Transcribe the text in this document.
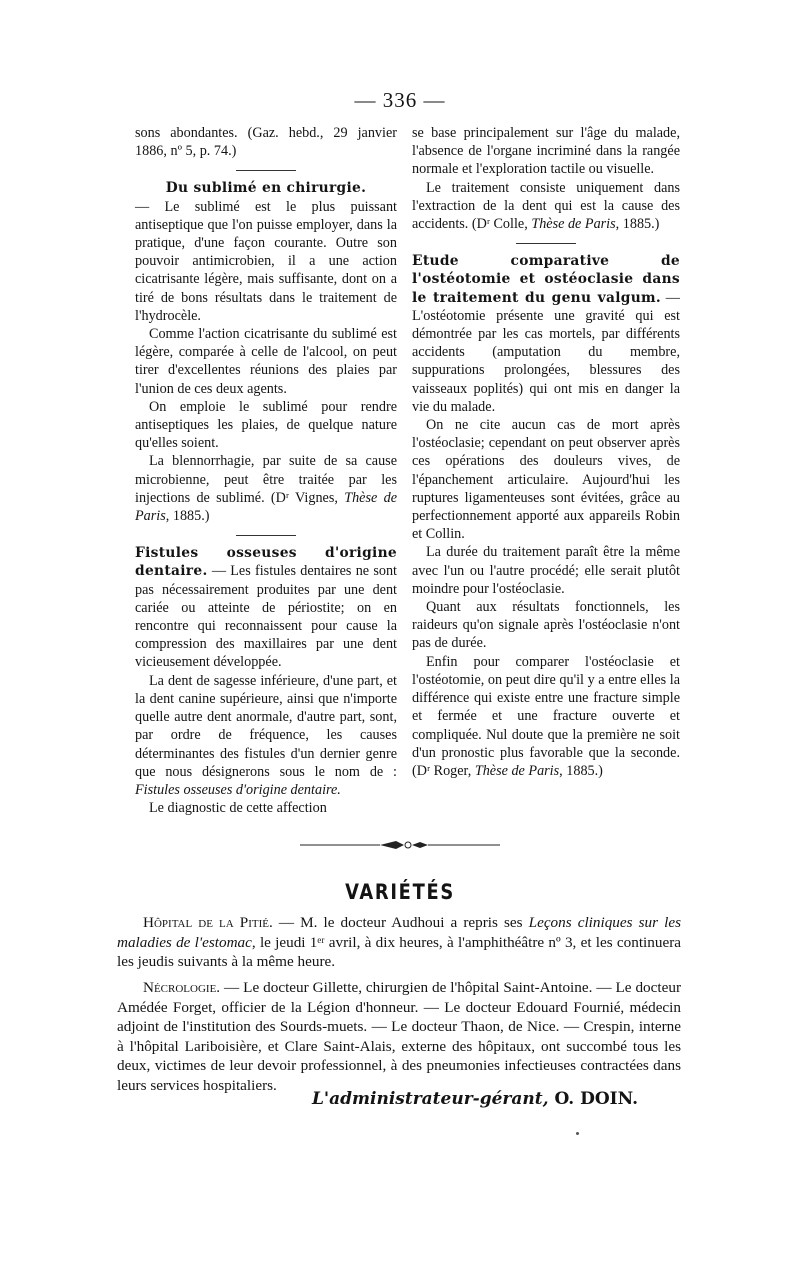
— 336 —

sons abondantes. (Gaz. hebd., 29 janvier 1886, nº 5, p. 74.)

Du sublimé en chirurgie.

— Le sublimé est le plus puissant antiseptique que l'on puisse employer, dans la pratique, d'une façon courante. Outre son pouvoir antimicrobien, il a une action cicatrisante légère, mais suffisante, dont on a tiré de bons résultats dans le traitement de l'hydrocèle.

Comme l'action cicatrisante du sublimé est légère, comparée à celle de l'alcool, on peut tirer d'excellentes réunions des plaies par l'union de ces deux agents.

On emploie le sublimé pour rendre antiseptiques les plaies, de quelque nature qu'elles soient.

La blennorrhagie, par suite de sa cause microbienne, peut être traitée par les injections de sublimé. (Dʳ Vignes, Thèse de Paris, 1885.)

Fistules osseuses d'origine dentaire. — Les fistules dentaires ne sont pas nécessairement produites par une dent cariée ou atteinte de périostite; on en rencontre qui reconnaissent pour cause la compression des maxillaires par une dent vicieusement développée.

La dent de sagesse inférieure, d'une part, et la dent canine supérieure, ainsi que n'importe quelle autre dent anormale, d'autre part, sont, par ordre de fréquence, les causes déterminantes des fistules d'un dernier genre que nous désignerons sous le nom de : Fistules osseuses d'origine dentaire.

Le diagnostic de cette affection

se base principalement sur l'âge du malade, l'absence de l'organe incriminé dans la rangée normale et l'exploration tactile ou visuelle.

Le traitement consiste uniquement dans l'extraction de la dent qui est la cause des accidents. (Dʳ Colle, Thèse de Paris, 1885.)

Etude comparative de l'ostéotomie et ostéoclasie dans le traitement du genu valgum. — L'ostéotomie présente une gravité qui est démontrée par les cas mortels, par différents accidents (amputation du membre, suppurations prolongées, blessures des vaisseaux poplités) qui ont mis en danger la vie du malade.

On ne cite aucun cas de mort après l'ostéoclasie; cependant on peut observer après ces opérations des douleurs vives, de l'épanchement articulaire. Aujourd'hui les ruptures ligamenteuses sont évitées, grâce au perfectionnement apporté aux appareils Robin et Collin.

La durée du traitement paraît être la même avec l'un ou l'autre procédé; elle serait plutôt moindre pour l'ostéoclasie.

Quant aux résultats fonctionnels, les raideurs qu'on signale après l'ostéoclasie n'ont pas de durée.

Enfin pour comparer l'ostéoclasie et l'ostéotomie, on peut dire qu'il y a entre elles la différence qui existe entre une fracture simple et fermée et une fracture ouverte et compliquée. Nul doute que la première ne soit d'un pronostic plus favorable que la seconde. (Dʳ Roger, Thèse de Paris, 1885.)

VARIÉTÉS

Hôpital de la Pitié. — M. le docteur Audhoui a repris ses Leçons cliniques sur les maladies de l'estomac, le jeudi 1ᵉʳ avril, à dix heures, à l'amphithéâtre nº 3, et les continuera les jeudis suivants à la même heure.

Nécrologie. — Le docteur Gillette, chirurgien de l'hôpital Saint-Antoine. — Le docteur Amédée Forget, officier de la Légion d'honneur. — Le docteur Edouard Fournié, médecin adjoint de l'institution des Sourds-muets. — Le docteur Thaon, de Nice. — Crespin, interne à l'hôpital Lariboisière, et Clare Saint-Alais, externe des hôpitaux, ont succombé tous les deux, victimes de leur devoir professionnel, à des pneumonies infectieuses contractées dans leurs services hospitaliers.

L'administrateur-gérant, O. DOIN.
